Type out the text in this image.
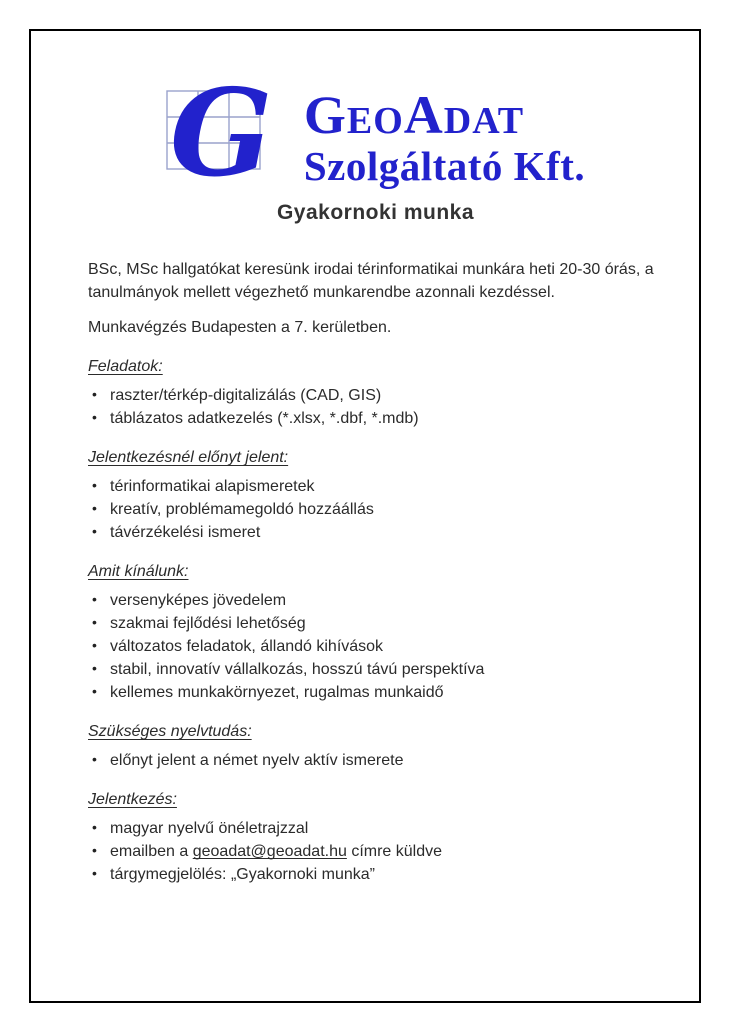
G GeoAdat
Szolgáltató Kft.
Gyakornoki munka

BSc, MSc hallgatókat keresünk irodai térinformatikai munkára heti 20-30 órás, a tanulmányok mellett végezhető munkarendbe azonnali kezdéssel.

Munkavégzés Budapesten a 7. kerületben.

Feladatok:
• raszter/térkép-digitalizálás (CAD, GIS)
• táblázatos adatkezelés (*.xlsx, *.dbf, *.mdb)
Jelentkezésnél előnyt jelent:
• térinformatikai alapismeretek
• kreatív, problémamegoldó hozzáállás
• távérzékelési ismeret
Amit kínálunk:
• versenyképes jövedelem
• szakmai fejlődési lehetőség
• változatos feladatok, állandó kihívások
• stabil, innovatív vállalkozás, hosszú távú perspektíva
• kellemes munkakörnyezet, rugalmas munkaidő
Szükséges nyelvtudás:
• előnyt jelent a német nyelv aktív ismerete
Jelentkezés:
• magyar nyelvű önéletrajzzal
• emailben a geoadat@geoadat.hu címre küldve
• tárgymegjelölés: „Gyakornoki munka”
